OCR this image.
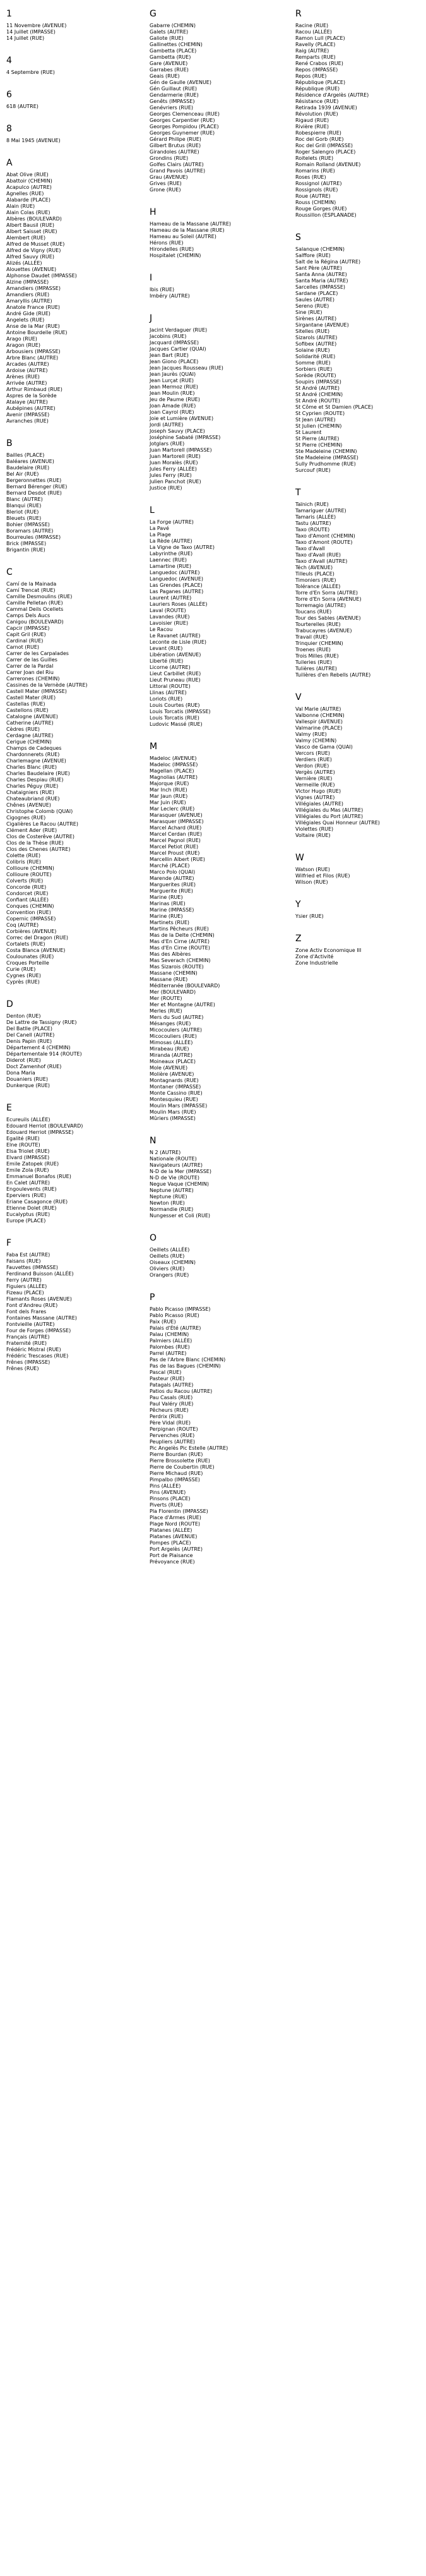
1
11 Novembre (AVENUE)
14 Juillet (IMPASSE)
14 Juillet (RUE)
4
4 Septembre (RUE)
6
618 (AUTRE)
8
8 Mai 1945 (AVENUE)
A
Abat Olive (RUE)
Abattoir (CHEMIN)
Acapulco (AUTRE)
Agnelles (RUE)
Alabarde (PLACE)
Alain (RUE)
Alain Colas (RUE)
Albères (BOULEVARD)
Albert Bausil (RUE)
Albert Saisset (RUE)
Alembert (RUE)
Alfred de Musset (RUE)
Alfred de Vigny (RUE)
Alfred Sauvy (RUE)
Alizés (ALLÉE)
Alouettes (AVENUE)
Alphonse Daudet (IMPASSE)
Alzine (IMPASSE)
Amandiers (IMPASSE)
Amandiers (RUE)
Amaryllis (AUTRE)
Anatole France (RUE)
André Gide (RUE)
Angelets (RUE)
Anse de la Mar (RUE)
Antoine Bourdelle (RUE)
Arago (RUE)
Aragon (RUE)
Arbousiers (IMPASSE)
Arbre Blanc (AUTRE)
Arcades (AUTRE)
Ardoise (AUTRE)
Arènes (RUE)
Arrivée (AUTRE)
Arthur Rimbaud (RUE)
Aspres de la Sorède
Atalaye (AUTRE)
Aubépines (AUTRE)
Avenir (IMPASSE)
Avranches (RUE)
B
Bailles (PLACE)
Baléares (AVENUE)
Baudelaire (RUE)
Bel Air (RUE)
Bergeronnettes (RUE)
Bernard Bérenger (RUE)
Bernard Desdot (RUE)
Blanc (AUTRE)
Blanqui (RUE)
Bleriot (RUE)
Bleuets (RUE)
Bohier (IMPASSE)
Boramars (AUTRE)
Bourreules (IMPASSE)
Brick (IMPASSE)
Brigantin (RUE)
C
Camí de la Mainada
Camí Trencat (RUE)
Camille Desmoulins (RUE)
Camille Pelletan (RUE)
Cammal Deils Ocellets
Camps Dels Aucs
Canigou (BOULEVARD)
Capcir (IMPASSE)
Capit Gril (RUE)
Cardinal (RUE)
Carnot (RUE)
Carrer de les Carpalades
Carrer de las Guilles
Carrer de la Pardal
Carrer Joan del Riu
Carrerones (CHEMIN)
Cassines de la Vernède (AUTRE)
Castell Mater (IMPASSE)
Castell Mater (RUE)
Castellas (RUE)
Castellons (RUE)
Catalogne (AVENUE)
Catherine (AUTRE)
Cèdres (RUE)
Cerdagne (AUTRE)
Cerigue (CHEMIN)
Champs de Cadeques
Chardonnerets (RUE)
Charlemagne (AVENUE)
Charles Blanc (RUE)
Charles Baudelaire (RUE)
Charles Despiau (RUE)
Charles Péguy (RUE)
Chataigniers (RUE)
Chateaubriand (RUE)
Chênes (AVENUE)
Christophe Colomb (QUAI)
Cigognes (RUE)
Cigalières Le Racou (AUTRE)
Clément Ader (RUE)
Clos de Costerêve (AUTRE)
Clos de la Thèse (RUE)
Clos des Chenes (AUTRE)
Colette (RUE)
Colibris (RUE)
Collioure (CHEMIN)
Collioure (ROUTE)
Colverts (RUE)
Concorde (RUE)
Condorcet (RUE)
Confiant (ALLÉE)
Conques (CHEMIN)
Convention (RUE)
Copernic (IMPASSE)
Coq (AUTRE)
Corbières (AVENUE)
Correc del Dragon (RUE)
Cortalets (RUE)
Costa Blanca (AVENUE)
Coulounates (RUE)
Croques Porteille
Curie (RUE)
Cygnes (RUE)
Cyprès (RUE)
D
Denton (RUE)
De Lattre de Tassigny (RUE)
Del Batlle (PLACE)
Del Canell (AUTRE)
Denis Papin (RUE)
Département 4 (CHEMIN)
Départementale 914 (ROUTE)
Diderot (RUE)
Doct Zamenhof (RUE)
Dona Maria
Douaniers (RUE)
Dunkerque (RUE)
E
Ecureuils (ALLÉE)
Edouard Herriot (BOULEVARD)
Edouard Herriot (IMPASSE)
Egalité (RUE)
Elne (ROUTE)
Elsa Triolet (RUE)
Elvard (IMPASSE)
Emile Zatopek (RUE)
Emile Zola (RUE)
Emmanuel Bonafos (RUE)
En Calet (AUTRE)
Engoulevents (RUE)
Eperviers (RUE)
Eriane Casagonce (RUE)
Etienne Dolet (RUE)
Eucalyptus (RUE)
Europe (PLACE)
F
Faba Est (AUTRE)
Faisans (RUE)
Fauvettes (IMPASSE)
Ferdinand Buisson (ALLÉE)
Ferry (AUTRE)
Figuiers (ALLÉE)
Fizeau (PLACE)
Flamants Roses (AVENUE)
Font d'Andreu (RUE)
Font dels Frares
Fontaines Massane (AUTRE)
Fontvieille (AUTRE)
Four de Forges (IMPASSE)
Français (AUTRE)
Fraternité (RUE)
Frédéric Mistral (RUE)
Frédéric Trescases (RUE)
Frênes (IMPASSE)
Frênes (RUE)
G
Gabarre (CHEMIN)
Galets (AUTRE)
Galiote (RUE)
Gallinettes (CHEMIN)
Gambetta (PLACE)
Gambetta (RUE)
Gare (AVENUE)
Garrabes (RUE)
Geais (RUE)
Gén de Gaulle (AVENUE)
Gén Guillaut (RUE)
Gendarmerie (RUE)
Genêts (IMPASSE)
Genévriers (RUE)
Georges Clemenceau (RUE)
Georges Carpentier (RUE)
Georges Pompidou (PLACE)
Georges Guynemer (RUE)
Gérard Philipe (RUE)
Gilbert Brutus (RUE)
Girandoles (AUTRE)
Grondins (RUE)
Golfes Clairs (AUTRE)
Grand Pavois (AUTRE)
Grau (AVENUE)
Grives (RUE)
Grone (RUE)
H
Hameau de la Massane (AUTRE)
Hameau de la Massane (RUE)
Hameau au Soleil (AUTRE)
Hérons (RUE)
Hirondelles (RUE)
Hospitalet (CHEMIN)
I
Ibis (RUE)
Imbéry (AUTRE)
J
Jacint Verdaguer (RUE)
Jacobins (RUE)
Jacquard (IMPASSE)
Jacques Cartier (QUAI)
Jean Bart (RUE)
Jean Giono (PLACE)
Jean Jacques Rousseau (RUE)
Jean Jaurès (QUAI)
Jean Lurçat (RUE)
Jean Mermoz (RUE)
Jean Moulin (RUE)
Jeu de Paume (RUE)
Joan Amade (RUE)
Joan Cayrol (RUE)
Joie et Lumière (AVENUE)
Jordi (AUTRE)
Joseph Sauvy (PLACE)
Joséphine Sabaté (IMPASSE)
Jotglars (RUE)
Juan Martorell (IMPASSE)
Juan Martorell (RUE)
Juan Moralès (RUE)
Jules Ferry (ALLÉE)
Jules Ferry (RUE)
Julien Panchot (RUE)
Justice (RUE)
L
La Forge (AUTRE)
La Pavé
La Plage
La Rède (AUTRE)
La Vigne de Taxo (AUTRE)
Labyrinthe (RUE)
Laennec (RUE)
Lamartine (RUE)
Languedoc (AUTRE)
Languedoc (AVENUE)
Las Grendes (PLACE)
Las Paganes (AUTRE)
Laurent (AUTRE)
Lauriers Roses (ALLÉE)
Laval (ROUTE)
Lavandes (RUE)
Lavoisier (RUE)
Le Racou
Le Ravanet (AUTRE)
Leconte de Lisle (RUE)
Levant (RUE)
Libération (AVENUE)
Liberté (RUE)
Licorne (AUTRE)
Lieut Carbillet (RUE)
Lieut Pruneau (RUE)
Littoral (ROUTE)
Llinas (AUTRE)
Loriots (RUE)
Louis Courtes (RUE)
Louis Torcatis (IMPASSE)
Louis Torcatis (RUE)
Ludovic Massé (RUE)
M
Madeloc (AVENUE)
Madeloc (IMPASSE)
Magellan (PLACE)
Magnolias (AUTRE)
Majorque (RUE)
Mar Inch (RUE)
Mar Jaun (RUE)
Mar Juin (RUE)
Mar Leclerc (RUE)
Marasquer (AVENUE)
Marasquer (IMPASSE)
Marcel Achard (RUE)
Marcel Cerdan (RUE)
Marcel Pagnol (RUE)
Marcel Petiot (RUE)
Marcel Proust (RUE)
Marcellin Albert (RUE)
Marché (PLACE)
Marco Polo (QUAI)
Marende (AUTRE)
Marguerites (RUE)
Marguerite (RUE)
Marine (RUE)
Marinas (RUE)
Marine (IMPASSE)
Marine (RUE)
Martinets (RUE)
Martins Pêcheurs (RUE)
Mas de la Delte (CHEMIN)
Mas d'En Cirne (AUTRE)
Mas d'En Cirne (ROUTE)
Mas des Albères
Mas Severach (CHEMIN)
Mas Sizarois (ROUTE)
Massane (CHEMIN)
Massane (RUE)
Méditerranée (BOULEVARD)
Mer (BOULEVARD)
Mer (ROUTE)
Mer et Montagne (AUTRE)
Merles (RUE)
Mers du Sud (AUTRE)
Mésanges (RUE)
Micocoulers (AUTRE)
Micocouliers (RUE)
Mimosas (ALLÉE)
Mirabeau (RUE)
Miranda (AUTRE)
Moineaux (PLACE)
Mole (AVENUE)
Molière (AVENUE)
Montagnards (RUE)
Montaner (IMPASSE)
Monte Cassino (RUE)
Montesquieu (RUE)
Moulin Mars (IMPASSE)
Moulin Mars (RUE)
Mûriers (IMPASSE)
N
N 2 (AUTRE)
Nationale (ROUTE)
Navigateurs (AUTRE)
N-D de la Mer (IMPASSE)
N-D de Vie (ROUTE)
Negue Vaque (CHEMIN)
Neptune (AUTRE)
Neptune (RUE)
Newton (RUE)
Normandie (RUE)
Nungesser et Coli (RUE)
O
Oeillets (ALLÉE)
Oeillets (RUE)
Oiseaux (CHEMIN)
Oliviers (RUE)
Orangers (RUE)
P
Pablo Picasso (IMPASSE)
Pablo Picasso (RUE)
Paix (RUE)
Palais d'Été (AUTRE)
Palau (CHEMIN)
Palmiers (ALLÉE)
Palombes (RUE)
Parrel (AUTRE)
Pas de l'Arbre Blanc (CHEMIN)
Pas de las Bagues (CHEMIN)
Pascal (RUE)
Pasteur (RUE)
Patagals (AUTRE)
Patios du Racou (AUTRE)
Pau Casals (RUE)
Paul Valéry (RUE)
Pêcheurs (RUE)
Perdrix (RUE)
Père Vidal (RUE)
Perpignan (ROUTE)
Pervenches (RUE)
Peupliers (AUTRE)
Pic Angelès Pic Estelle (AUTRE)
Pierre Bourdan (RUE)
Pierre Brossolette (RUE)
Pierre de Coubertin (RUE)
Pierre Michaud (RUE)
Pimpalbo (IMPASSE)
Pins (ALLÉE)
Pins (AVENUE)
Pinsons (PLACE)
Piverts (RUE)
Pla Florentin (IMPASSE)
Place d'Armes (RUE)
Plage Nord (ROUTE)
Platanes (ALLÉE)
Platanes (AVENUE)
Pompes (PLACE)
Port Argelès (AUTRE)
Port de Plaisance
Prévoyance (RUE)
R
Racine (RUE)
Racou (ALLÉE)
Ramon Lull (PLACE)
Ravelly (PLACE)
Raig (AUTRE)
Remparts (RUE)
René Crabos (RUE)
Repos (IMPASSE)
Repos (RUE)
République (PLACE)
République (RUE)
Résidence d'Argelès (AUTRE)
Résistance (RUE)
Retirada 1939 (AVENUE)
Révolution (RUE)
Rigaud (RUE)
Rivière (RUE)
Robespierre (RUE)
Roc del Gorb (RUE)
Roc del Grill (IMPASSE)
Roger Salengro (PLACE)
Roitelets (RUE)
Romain Rolland (AVENUE)
Romarins (RUE)
Roses (RUE)
Rossignol (AUTRE)
Rossignols (RUE)
Roue (AUTRE)
Rouss (CHEMIN)
Rouge Gorges (RUE)
Roussillon (ESPLANADE)
S
Salanque (CHEMIN)
Salffore (RUE)
Salt de la Régina (AUTRE)
Sant Père (AUTRE)
Santa Anna (AUTRE)
Santa Maria (AUTRE)
Sarcelles (IMPASSE)
Sardane (PLACE)
Saules (AUTRE)
Sereno (RUE)
Sine (RUE)
Sirènes (AUTRE)
Sirgantane (AVENUE)
Sitelles (RUE)
Sizarols (AUTRE)
Sofibex (AUTRE)
Solaine (RUE)
Solidarité (RUE)
Somme (RUE)
Sorbiers (RUE)
Sorède (ROUTE)
Soupirs (IMPASSE)
St André (AUTRE)
St André (CHEMIN)
St André (ROUTE)
St Côme et St Damien (PLACE)
St Cyprien (ROUTE)
St Jean (AUTRE)
St Julien (CHEMIN)
St Laurent
St Pierre (AUTRE)
St Pierre (CHEMIN)
Ste Madeleine (CHEMIN)
Ste Madeleine (IMPASSE)
Sully Prudhomme (RUE)
Surcouf (RUE)
T
Taïnich (RUE)
Tamariguer (AUTRE)
Tamaris (ALLÉE)
Tastu (AUTRE)
Taxo (ROUTE)
Taxo d'Amont (CHEMIN)
Taxo d'Amont (ROUTE)
Taxo d'Avall
Taxo d'Avall (RUE)
Taxo d'Avall (AUTRE)
Téch (AVENUE)
Tilleuls (PLACE)
Timoniers (RUE)
Tolérance (ALLÉE)
Torre d'En Sorra (AUTRE)
Torre d'En Sorra (AVENUE)
Torremagio (AUTRE)
Toucans (RUE)
Tour des Sables (AVENUE)
Tourterelles (RUE)
Trabucayres (AVENUE)
Travail (RUE)
Trinquier (CHEMIN)
Troenes (RUE)
Trois Milles (RUE)
Tuileries (RUE)
Tulières (AUTRE)
Tuilières d'en Rebells (AUTRE)
V
Val Marie (AUTRE)
Valbonne (CHEMIN)
Vallespir (AVENUE)
Valmarine (PLACE)
Valmy (RUE)
Valmy (CHEMIN)
Vasco de Gama (QUAI)
Vercors (RUE)
Verdiers (RUE)
Verdon (RUE)
Vergès (AUTRE)
Vernière (RUE)
Vermeille (RUE)
Victor Hugo (RUE)
Vignes (AUTRE)
Villégiales (AUTRE)
Villégiales du Mas (AUTRE)
Villégiales du Port (AUTRE)
Villégiales Quai Honneur (AUTRE)
Violettes (RUE)
Voltaire (RUE)
W
Watson (RUE)
Wilfried et Filos (RUE)
Wilson (RUE)
Y
Ysier (RUE)
Z
Zone Activ Economique III
Zone d'Activité
Zone Industrielle
